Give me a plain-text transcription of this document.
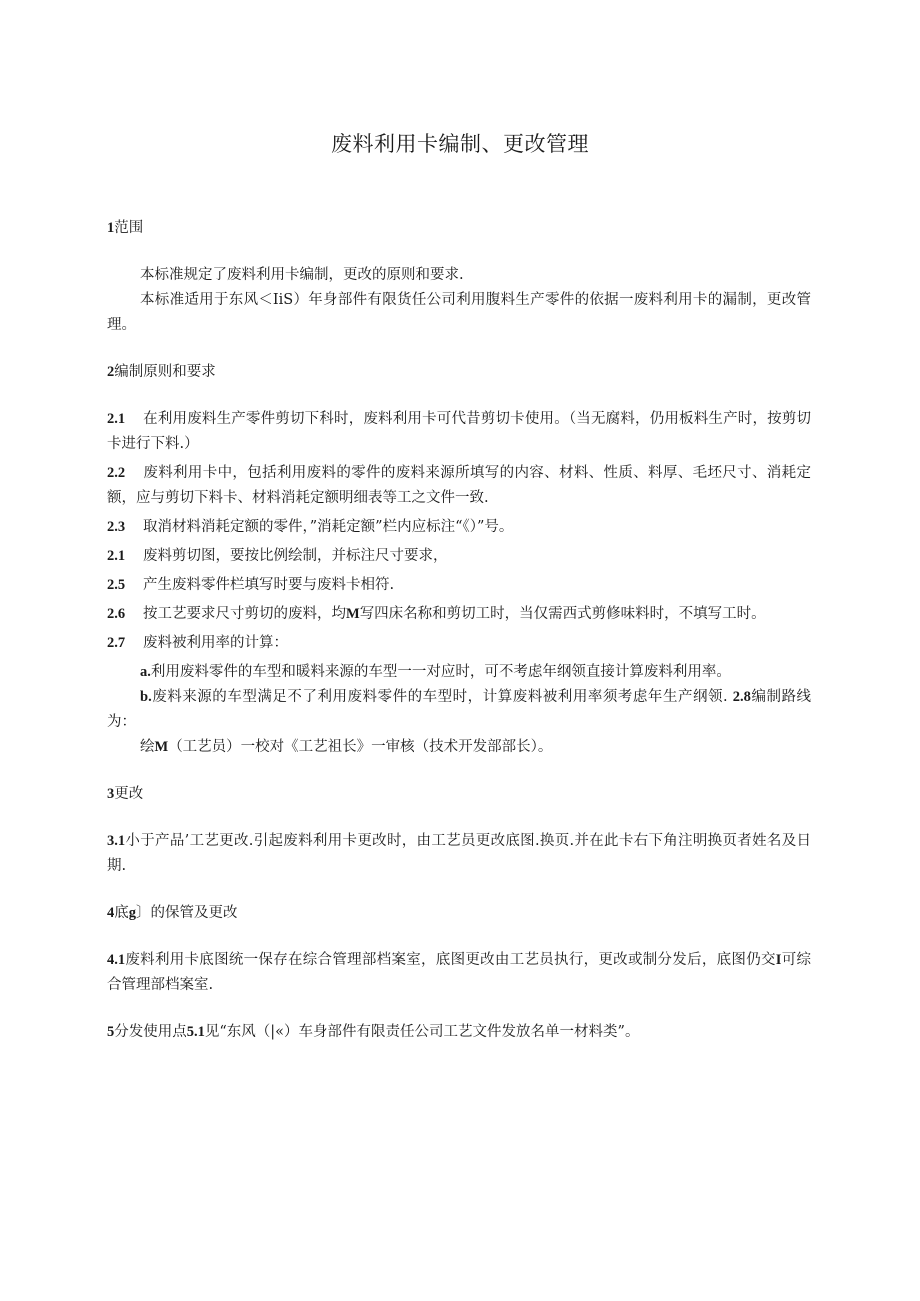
废料利用卡编制、更改管理

1范围

本标准规定了废料利用卡编制，更改的原则和要求.

本标准适用于东风＜IiS）年身部件有限货任公司利用腹料生产零件的依据一废料利用卡的漏制，更改管理。

2编制原则和要求

2.1 在利用废料生产零件剪切下科时，废料利用卡可代昔剪切卡使用。（当无腐料，仍用板料生产时，按剪切卡进行下料.）

2.2 废料利用卡中，包括利用废料的零件的废料来源所填写的内容、材料、性质、料厚、毛坯尺寸、消耗定额，应与剪切下料卡、材料消耗定额明细表等工之文件一致.

2.3 取消材料消耗定额的零件，”消耗定额”栏内应标注“《）”号。

2.1 废料剪切图，要按比例绘制，并标注尺寸要求，

2.5 产生废料零件栏填写时要与废料卡相符.

2.6 按工艺要求尺寸剪切的废料，均M写四床名称和剪切工时，当仅需西式剪修味料时，不填写工时。

2.7 废料被利用率的计算：

a.利用废料零件的车型和暖料来源的车型一一对应时，可不考虑年纲领直接计算废料利用率。

b.废料来源的车型满足不了利用废料零件的车型时，计算废料被利用率须考虑年生产纲领. 2.8编制路线为：

绘M（工艺员）一校对《工艺祖长》一审核（技术开发部部长）。

3更改

3.1小于产品’工艺更改.引起废料利用卡更改时，由工艺员更改底图.换页.并在此卡右下角注明换页者姓名及日期.

4底g〕的保管及更改

4.1废料利用卡底图统一保存在综合管理部档案室，底图更改由工艺员执行，更改或制分发后，底图仍交I可综合管理部档案室.

5分发使用点5.1见“东风（|«）车身部件有限责任公司工艺文件发放名单一材料类”。
